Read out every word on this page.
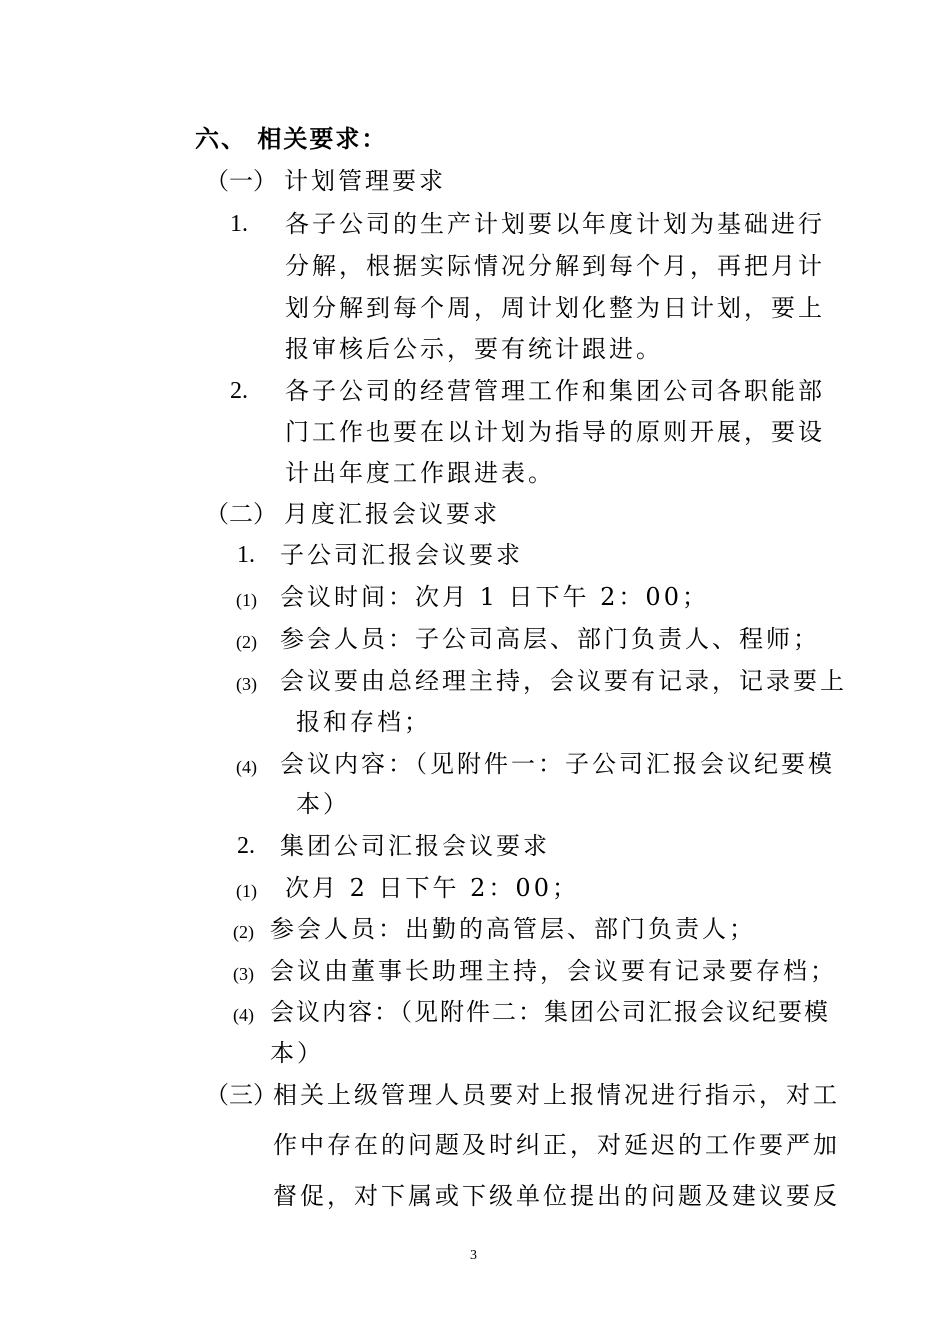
六、 相关要求：
（一） 计划管理要求
1. 各子公司的生产计划要以年度计划为基础进行
分解，根据实际情况分解到每个月，再把月计
划分解到每个周，周计划化整为日计划，要上
报审核后公示，要有统计跟进。
2. 各子公司的经营管理工作和集团公司各职能部
门工作也要在以计划为指导的原则开展，要设
计出年度工作跟进表。
（二） 月度汇报会议要求
1. 子公司汇报会议要求
(1) 会议时间：次月 1 日下午 2：00；
(2) 参会人员：子公司高层、部门负责人、程师；
(3) 会议要由总经理主持，会议要有记录，记录要上
报和存档；
(4) 会议内容：（见附件一：子公司汇报会议纪要模
本）
2. 集团公司汇报会议要求
(1) 次月 2 日下午 2：00；
(2) 参会人员：出勤的高管层、部门负责人；
(3) 会议由董事长助理主持，会议要有记录要存档；
(4) 会议内容：（见附件二：集团公司汇报会议纪要模
本）
（三）
相关上级管理人员要对上报情况进行指示，对工
作中存在的问题及时纠正，对延迟的工作要严加
督促，对下属或下级单位提出的问题及建议要反
3
